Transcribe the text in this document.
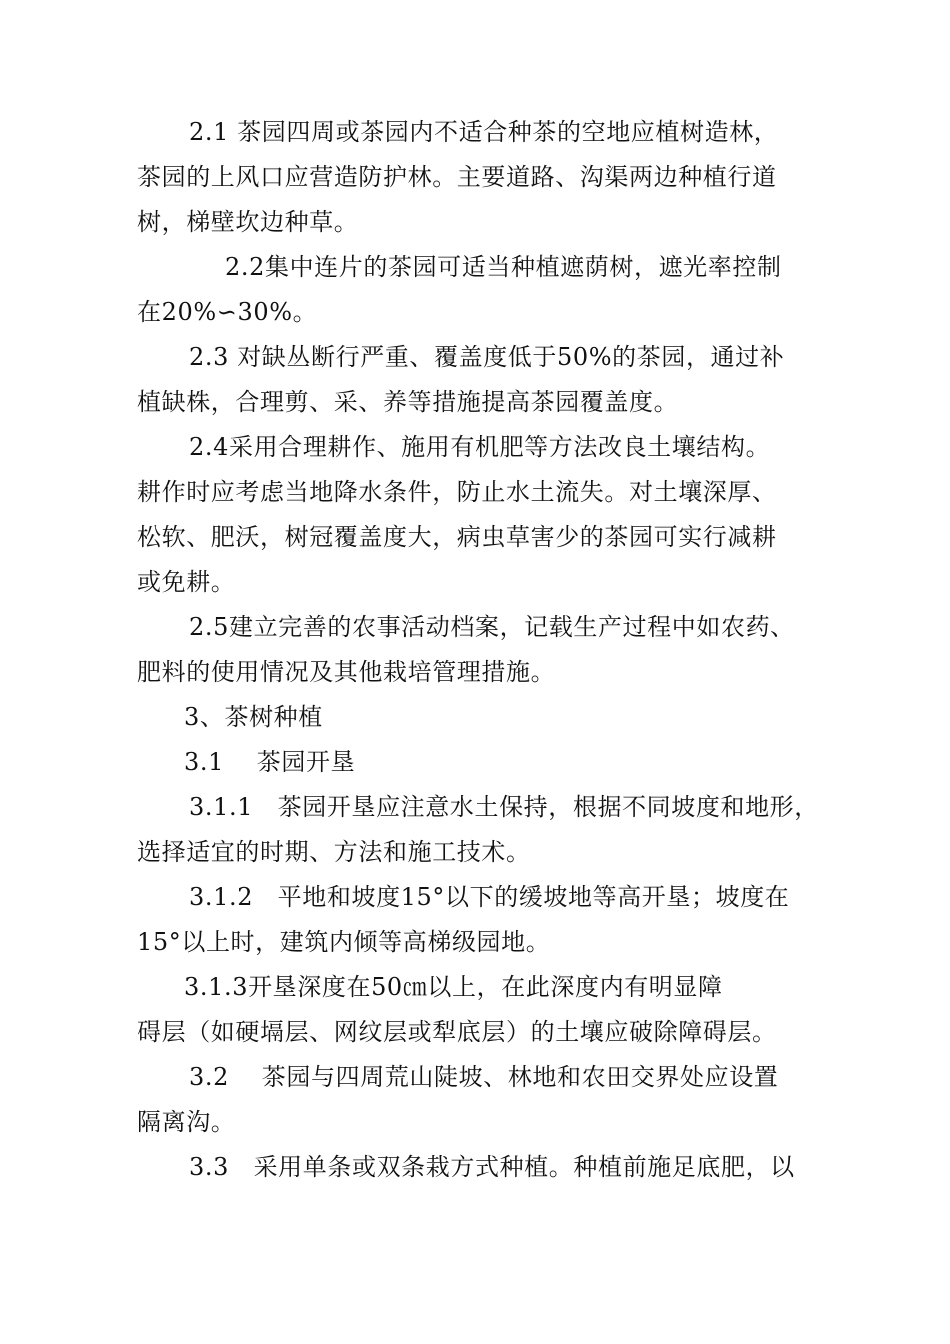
2.1 茶园四周或茶园内不适合种茶的空地应植树造林，
茶园的上风口应营造防护林。主要道路、沟渠两边种植行道
树，梯壁坎边种草。
2.2集中连片的茶园可适当种植遮荫树，遮光率控制
在20%∽30%。
2.3 对缺丛断行严重、覆盖度低于50%的茶园，通过补
植缺株，合理剪、采、养等措施提高茶园覆盖度。
2.4采用合理耕作、施用有机肥等方法改良土壤结构。
耕作时应考虑当地降水条件，防止水土流失。对土壤深厚、
松软、肥沃，树冠覆盖度大，病虫草害少的茶园可实行减耕
或免耕。
2.5建立完善的农事活动档案，记载生产过程中如农药、
肥料的使用情况及其他栽培管理措施。
3、茶树种植
3.1　 茶园开垦
3.1.1　茶园开垦应注意水土保持，根据不同坡度和地形，
选择适宜的时期、方法和施工技术。
3.1.2　平地和坡度15°以下的缓坡地等高开垦；坡度在
15°以上时，建筑内倾等高梯级园地。
3.1.3开垦深度在50㎝以上，在此深度内有明显障
碍层（如硬塥层、网纹层或犁底层）的土壤应破除障碍层。
3.2　 茶园与四周荒山陡坡、林地和农田交界处应设置
隔离沟。
3.3　采用单条或双条栽方式种植。种植前施足底肥，以
